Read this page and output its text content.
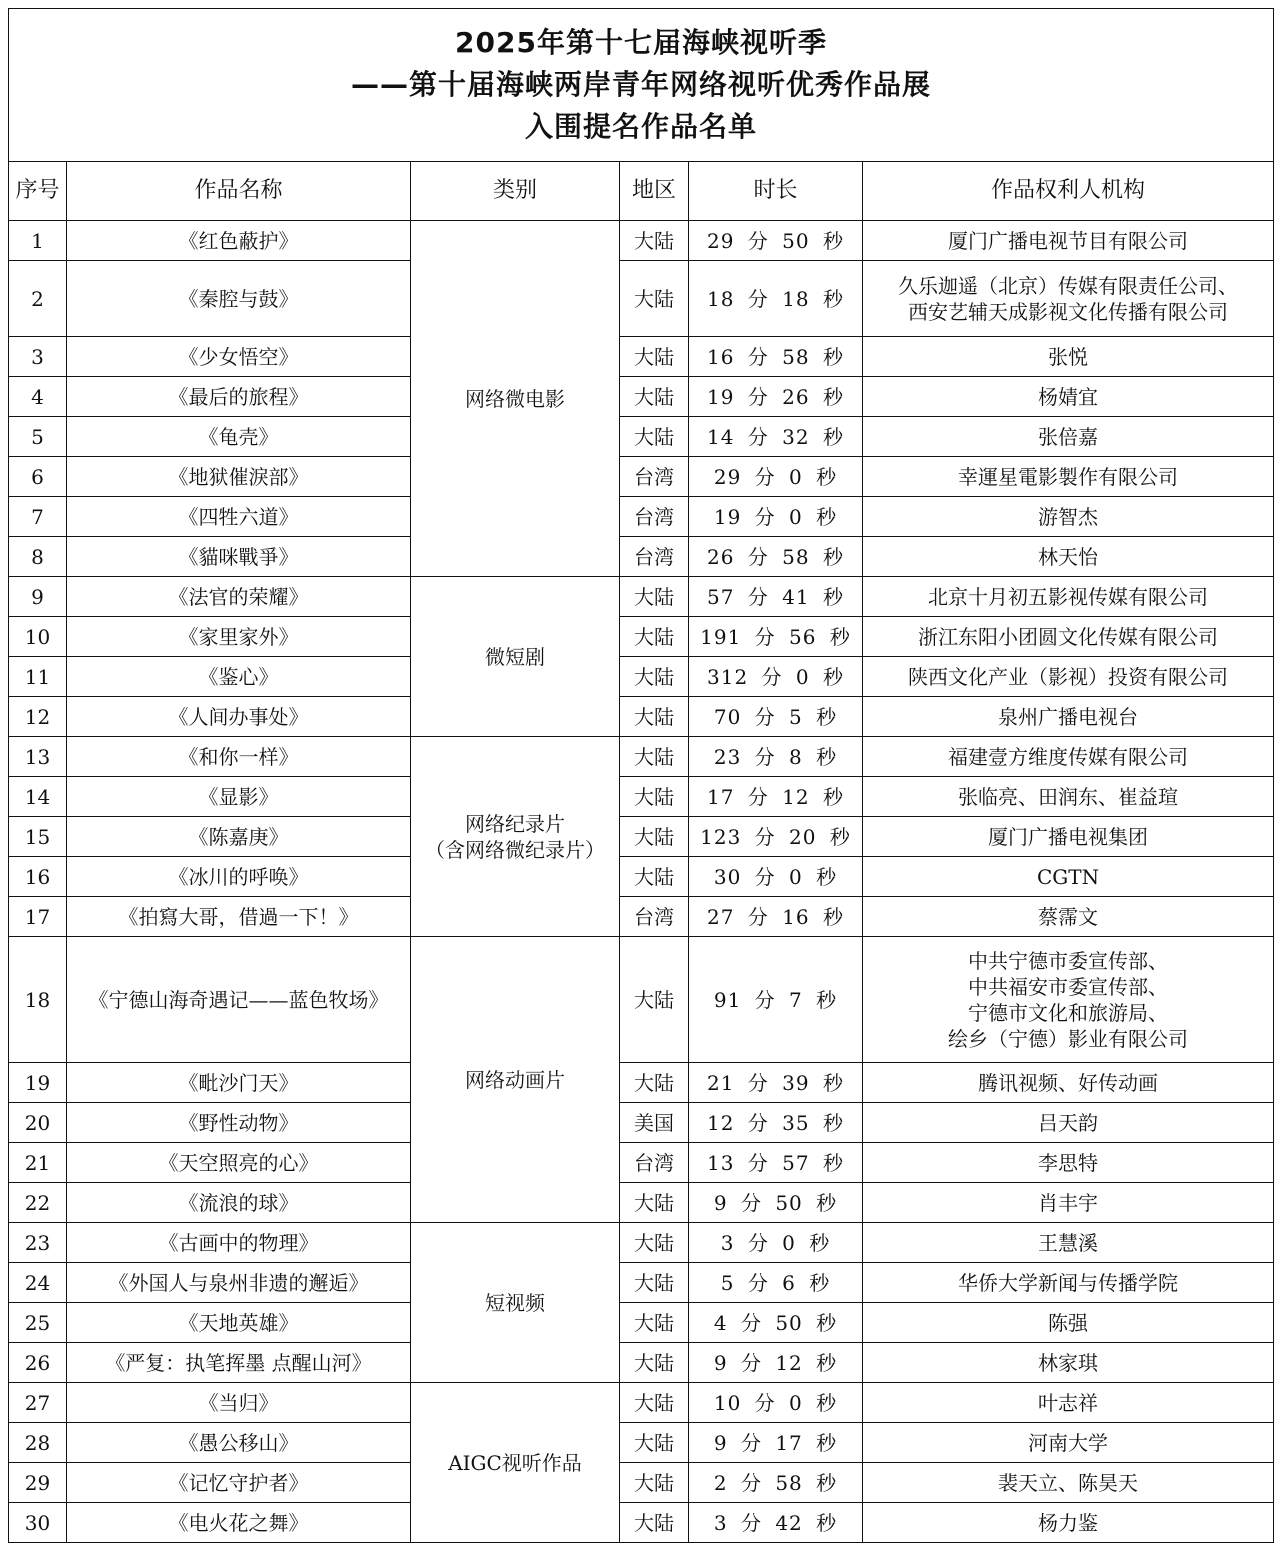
2025年第十七届海峡视听季
——第十届海峡两岸青年网络视听优秀作品展
入围提名作品名单					

序号	作品名称	类别	地区	时长	作品权利人机构
1	《红色蔽护》	网络微电影	大陆	29 分 50 秒	厦门广播电视节目有限公司

2	《秦腔与鼓》		大陆	18 分 18 秒	久乐迦遥（北京）传媒有限责任公司、
西安艺辅天成影视文化传播有限公司

3	《少女悟空》		大陆	16 分 58 秒	张悦

4	《最后的旅程》		大陆	19 分 26 秒	杨婧宜

5	《龟壳》		大陆	14 分 32 秒	张倍嘉

6	《地狱催淚部》		台湾	29 分 0 秒	幸運星電影製作有限公司

7	《四牲六道》		台湾	19 分 0 秒	游智杰

8	《貓咪戰爭》		台湾	26 分 58 秒	林天怡

9	《法官的荣耀》	微短剧	大陆	57 分 41 秒	北京十月初五影视传媒有限公司

10	《家里家外》		大陆	191 分 56 秒	浙江东阳小团圆文化传媒有限公司

11	《鉴心》		大陆	312 分 0 秒	陕西文化产业（影视）投资有限公司

12	《人间办事处》		大陆	70 分 5 秒	泉州广播电视台

13	《和你一样》	网络纪录片
（含网络微纪录片）	大陆	23 分 8 秒	福建壹方维度传媒有限公司

14	《显影》		大陆	17 分 12 秒	张临亮、田润东、崔益瑄

15	《陈嘉庚》		大陆	123 分 20 秒	厦门广播电视集团

16	《冰川的呼唤》		大陆	30 分 0 秒	CGTN

17	《拍寫大哥，借過一下！》		台湾	27 分 16 秒	蔡霈文

18	《宁德山海奇遇记——蓝色牧场》	网络动画片	大陆	91 分 7 秒	中共宁德市委宣传部、
中共福安市委宣传部、
宁德市文化和旅游局、
绘乡（宁德）影业有限公司

19	《毗沙门天》		大陆	21 分 39 秒	腾讯视频、好传动画

20	《野性动物》		美国	12 分 35 秒	吕天韵

21	《天空照亮的心》		台湾	13 分 57 秒	李思特

22	《流浪的球》		大陆	9 分 50 秒	肖丰宇

23	《古画中的物理》	短视频	大陆	3 分 0 秒	王慧溪

24	《外国人与泉州非遗的邂逅》		大陆	5 分 6 秒	华侨大学新闻与传播学院

25	《天地英雄》		大陆	4 分 50 秒	陈强

26	《严复：执笔挥墨 点醒山河》		大陆	9 分 12 秒	林家琪

27	《当归》	AIGC视听作品	大陆	10 分 0 秒	叶志祥

28	《愚公移山》		大陆	9 分 17 秒	河南大学

29	《记忆守护者》		大陆	2 分 58 秒	裴天立、陈昊天

30	《电火花之舞》		大陆	3 分 42 秒	杨力鉴
